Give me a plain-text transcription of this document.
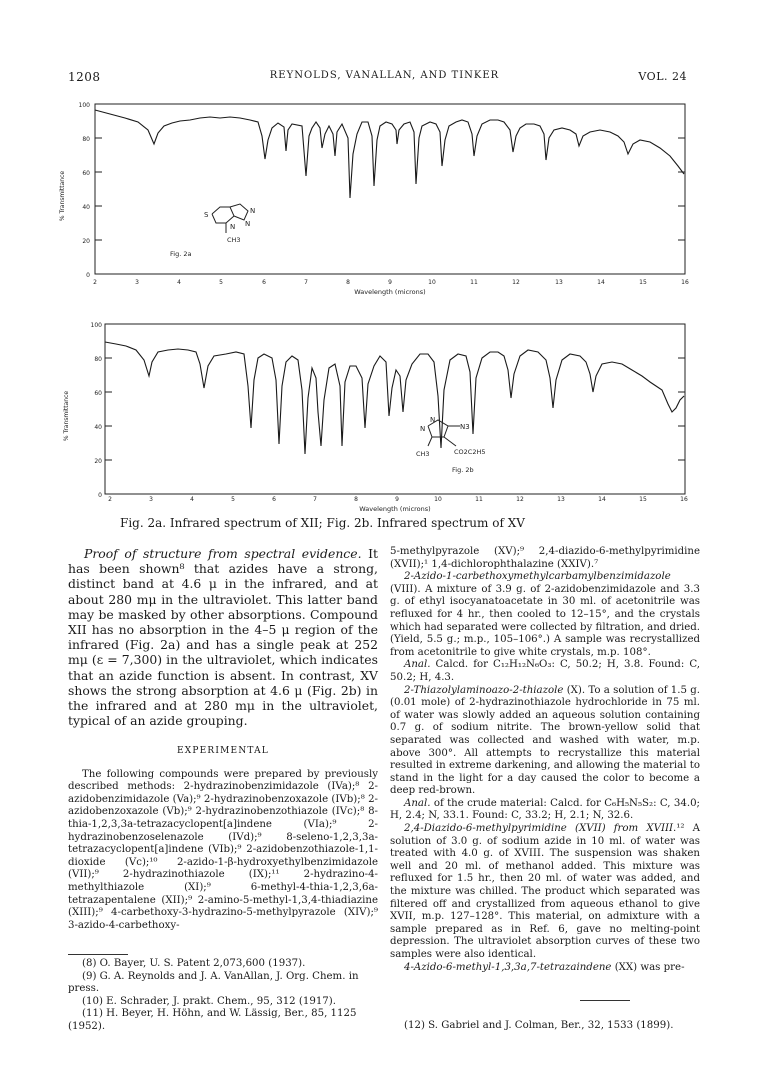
1208	REYNOLDS, VANALLAN, AND TINKER	VOL. 24
100
80
60
40
20
0
% Transmittance
2	3	4	5	6	7	8	9	10	11	12	13	14	15	16
Wavelength (microns)
S	N
N N
CH3
Fig. 2a
100
80
60
40
20
0
% Transmittance
2	3	4	5	6	7	8	9	10	11	12	13	14	15	16
Wavelength (microns)
N
N	N3
CH3	CO2C2H5
Fig. 2b
Fig. 2a. Infrared spectrum of XII; Fig. 2b. Infrared spectrum of XV

Proof of structure from spectral evidence. It has been shown⁸ that azides have a strong, distinct band at 4.6 μ in the infrared, and at about 280 mμ in the ultraviolet. This latter band may be masked by other absorptions. Compound XII has no absorption in the 4–5 μ region of the infrared (Fig. 2a) and has a single peak at 252 mμ (ε = 7,300) in the ultraviolet, which indicates that an azide function is absent. In contrast, XV shows the strong absorption at 4.6 μ (Fig. 2b) in the infrared and at 280 mμ in the ultraviolet, typical of an azide grouping.

EXPERIMENTAL

The following compounds were prepared by previously described methods: 2-hydrazinobenzimidazole (IVa);⁸ 2-azidobenzimidazole (Va);⁹ 2-hydrazinobenzoxazole (IVb);⁸ 2-azidobenzoxazole (Vb);⁹ 2-hydrazinobenzothiazole (IVc);⁸ 8-thia-1,2,3,3a-tetrazacyclopent[a]indene (VIa);⁹ 2-hydrazinobenzoselenazole (IVd);⁹ 8-seleno-1,2,3,3a-tetrazacyclopent[a]indene (VIb);⁹ 2-azidobenzothiazole-1,1-dioxide (Vc);¹⁰ 2-azido-1-β-hydroxyethylbenzimidazole (VII);⁹ 2-hydrazinothiazole (IX);¹¹ 2-hydrazino-4-methylthiazole (XI);⁹ 6-methyl-4-thia-1,2,3,6a-tetrazapentalene (XII);⁹ 2-amino-5-methyl-1,3,4-thiadiazine (XIII);⁹ 4-carbethoxy-3-hydrazino-5-methylpyrazole (XIV);⁹ 3-azido-4-carbethoxy-

(8) O. Bayer, U. S. Patent 2,073,600 (1937).
(9) G. A. Reynolds and J. A. VanAllan, J. Org. Chem. in press.
(10) E. Schrader, J. prakt. Chem., 95, 312 (1917).
(11) H. Beyer, H. Höhn, and W. Lässig, Ber., 85, 1125 (1952).

5-methylpyrazole (XV);⁹ 2,4-diazido-6-methylpyrimidine (XVII);¹ 1,4-dichlorophthalazine (XXIV).⁷

2-Azido-1-carbethoxymethylcarbamylbenzimidazole (VIII). A mixture of 3.9 g. of 2-azidobenzimidazole and 3.3 g. of ethyl isocyanatoacetate in 30 ml. of acetonitrile was refluxed for 4 hr., then cooled to 12–15°, and the crystals which had separated were collected by filtration, and dried. (Yield, 5.5 g.; m.p., 105–106°.) A sample was recrystallized from acetonitrile to give white crystals, m.p. 108°.

Anal. Calcd. for C₁₂H₁₂N₆O₃: C, 50.2; H, 3.8. Found: C, 50.2; H, 4.3.

2-Thiazolylaminoazo-2-thiazole (X). To a solution of 1.5 g. (0.01 mole) of 2-hydrazinothiazole hydrochloride in 75 ml. of water was slowly added an aqueous solution containing 0.7 g. of sodium nitrite. The brown-yellow solid that separated was collected and washed with water, m.p. above 300°. All attempts to recrystallize this material resulted in extreme darkening, and allowing the material to stand in the light for a day caused the color to become a deep red-brown.

Anal. of the crude material: Calcd. for C₆H₅N₅S₂: C, 34.0; H, 2.4; N, 33.1. Found: C, 33.2; H, 2.1; N, 32.6.

2,4-Diazido-6-methylpyrimidine (XVII) from XVIII.¹² A solution of 3.0 g. of sodium azide in 10 ml. of water was treated with 4.0 g. of XVIII. The suspension was shaken well and 20 ml. of methanol added. This mixture was refluxed for 1.5 hr., then 20 ml. of water was added, and the mixture was chilled. The product which separated was filtered off and crystallized from aqueous ethanol to give XVII, m.p. 127–128°. This material, on admixture with a sample prepared as in Ref. 6, gave no melting-point depression. The ultraviolet absorption curves of these two samples were also identical.

4-Azido-6-methyl-1,3,3a,7-tetrazaindene (XX) was pre-

(12) S. Gabriel and J. Colman, Ber., 32, 1533 (1899).
